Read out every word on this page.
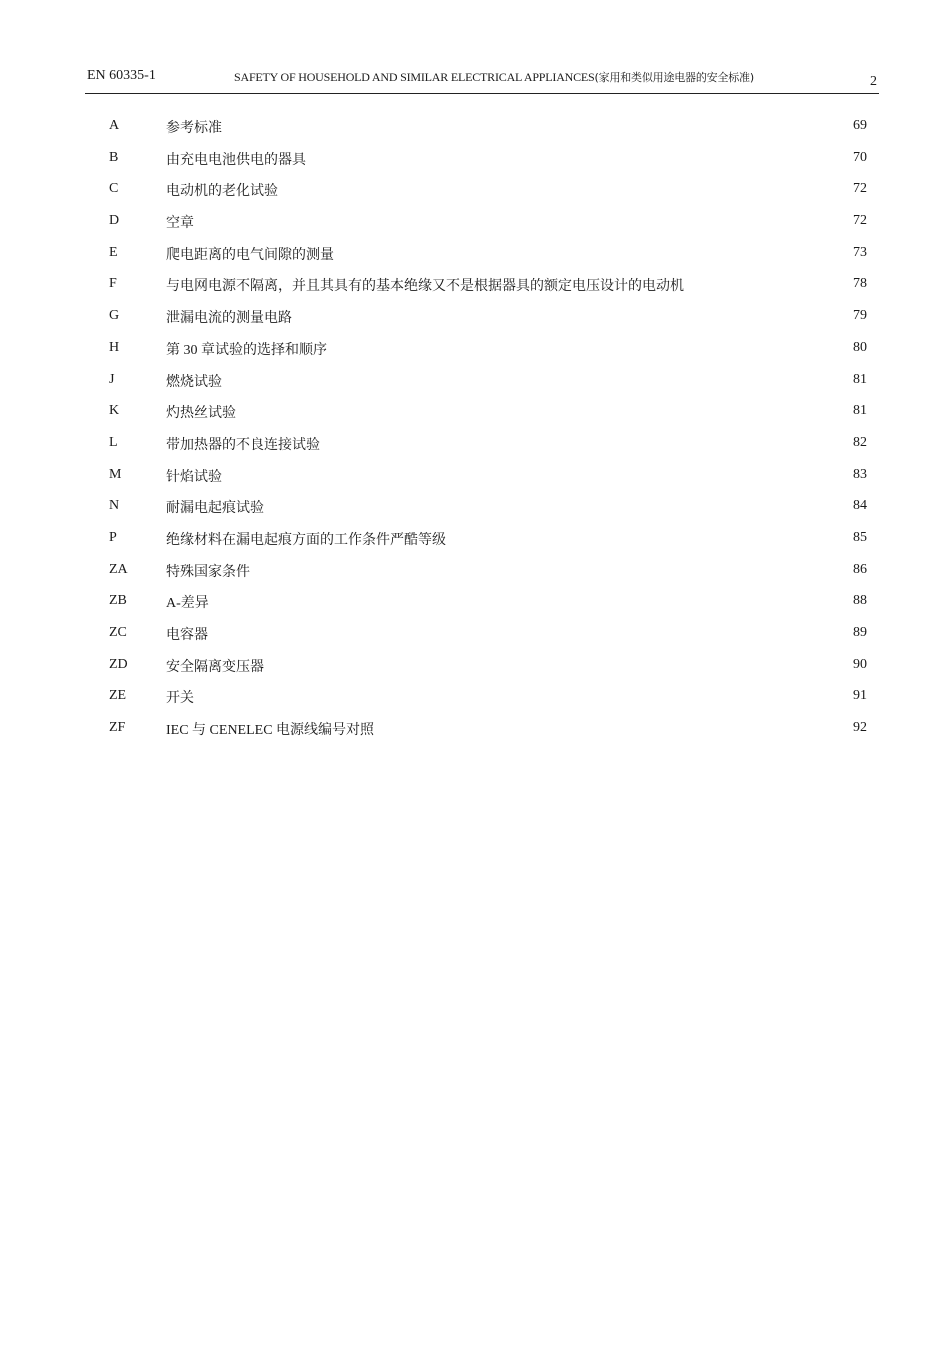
EN 60335-1	SAFETY OF HOUSEHOLD AND SIMILAR ELECTRICAL APPLIANCES(家用和类似用途电器的安全标准)	2
A	参考标准	69
B	由充电电池供电的器具	70
C	电动机的老化试验	72
D	空章	72
E	爬电距离的电气间隙的测量	73
F	与电网电源不隔离，并且其具有的基本绝缘又不是根据器具的额定电压设计的电动机	78
G	泄漏电流的测量电路	79
H	第 30 章试验的选择和顺序	80
J	燃烧试验	81
K	灼热丝试验	81
L	带加热器的不良连接试验	82
M	针焰试验	83
N	耐漏电起痕试验	84
P	绝缘材料在漏电起痕方面的工作条件严酷等级	85
ZA	特殊国家条件	86
ZB	A-差异	88
ZC	电容器	89
ZD	安全隔离变压器	90
ZE	开关	91
ZF	IEC 与 CENELEC 电源线编号对照	92
